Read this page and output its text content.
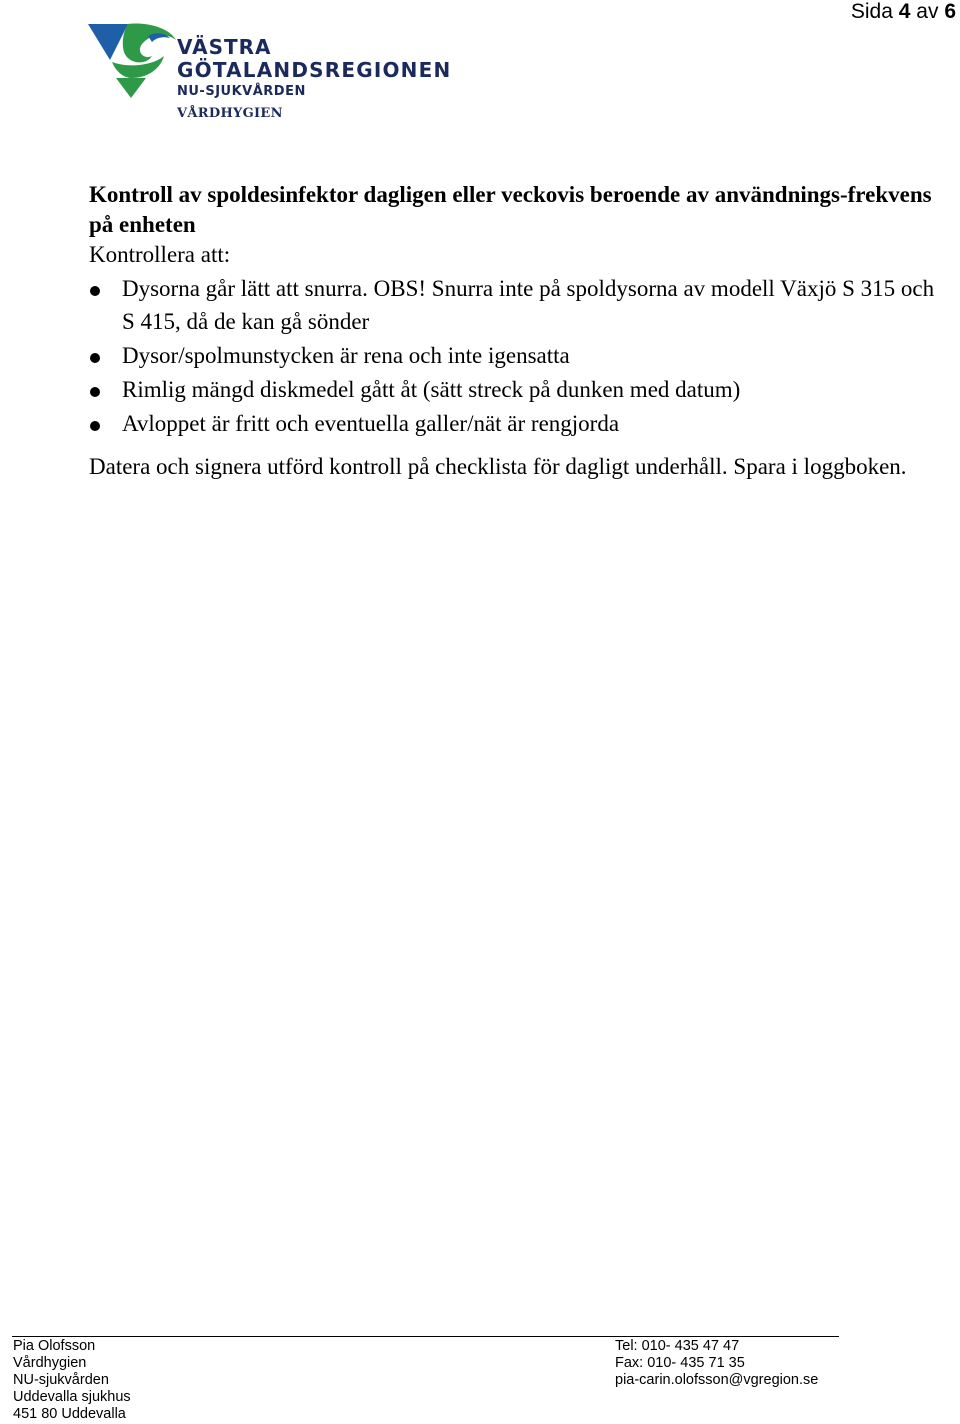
Sida 4 av 6
VÄSTRA
GÖTALANDSREGIONEN
NU-SJUKVÅRDEN
VÅRDHYGIEN

Kontroll av spoldesinfektor dagligen eller veckovis beroende av användnings-frekvens på enheten

Kontrollera att:

Dysorna går lätt att snurra. OBS! Snurra inte på spoldysorna av modell Växjö S 315 och S 415, då de kan gå sönder
Dysor/spolmunstycken är rena och inte igensatta
Rimlig mängd diskmedel gått åt (sätt streck på dunken med datum)
Avloppet är fritt och eventuella galler/nät är rengjorda

Datera och signera utförd kontroll på checklista för dagligt underhåll. Spara i loggboken.

Pia Olofsson
Vårdhygien
NU-sjukvården
Uddevalla sjukhus
451 80 Uddevalla
Tel: 010- 435 47 47
Fax: 010- 435 71 35
pia-carin.olofsson@vgregion.se
